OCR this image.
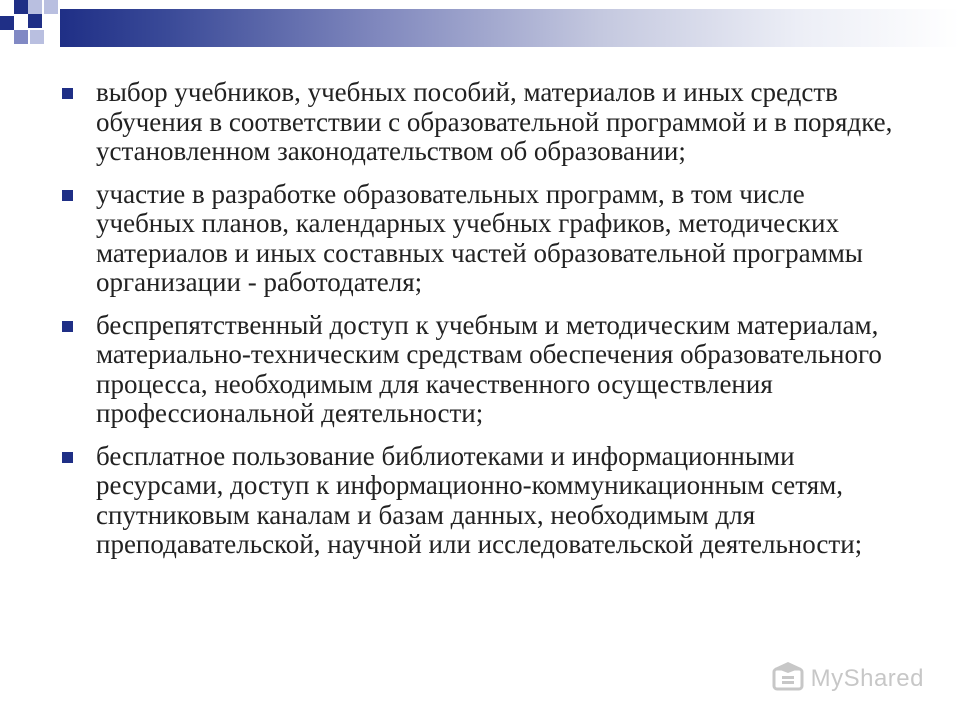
выбор учебников, учебных пособий, материалов и иных средств обучения в соответствии с образовательной программой и в порядке, установленном законодательством об образовании;
участие в разработке образовательных программ, в том числе учебных планов, календарных учебных графиков, методических материалов и иных составных частей образовательной программы организации - работодателя;
беспрепятственный доступ к учебным и методическим материалам, материально-техническим средствам обеспечения образовательного процесса, необходимым для качественного осуществления профессиональной деятельности;
бесплатное пользование библиотеками и информационными ресурсами, доступ к информационно-коммуникационным сетям, спутниковым каналам и базам данных, необходимым для преподавательской, научной или исследовательской деятельности;
MyShared
